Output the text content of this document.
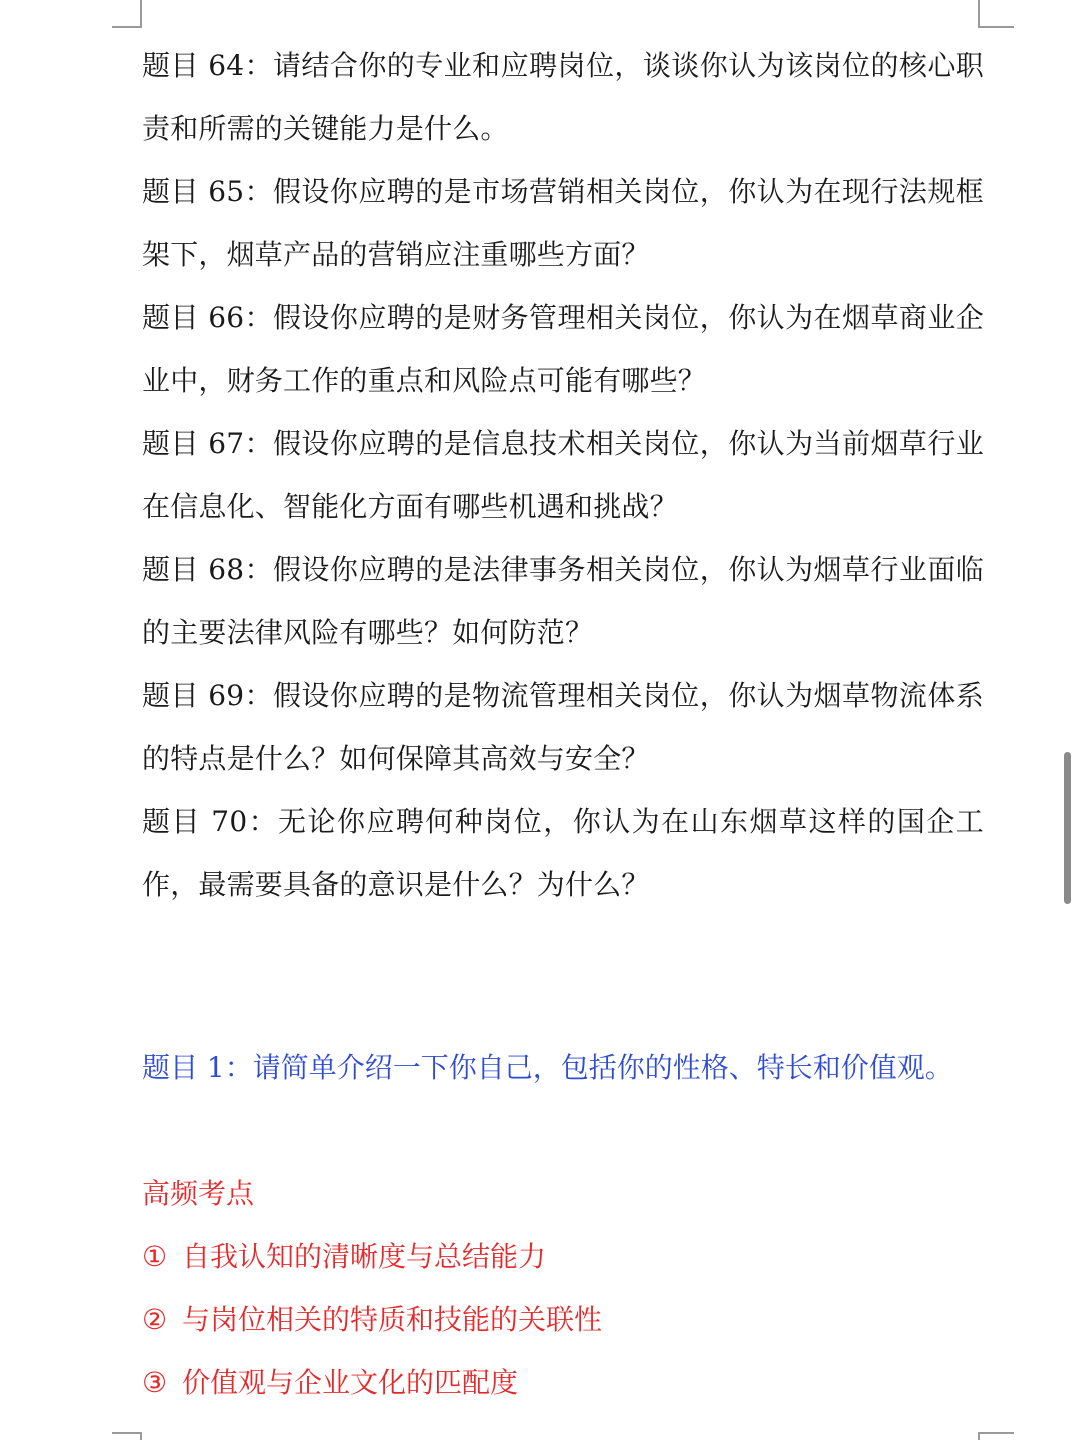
题目 64：请结合你的专业和应聘岗位，谈谈你认为该岗位的核心职责和所需的关键能力是什么。

题目 65：假设你应聘的是市场营销相关岗位，你认为在现行法规框架下，烟草产品的营销应注重哪些方面？

题目 66：假设你应聘的是财务管理相关岗位，你认为在烟草商业企业中，财务工作的重点和风险点可能有哪些？

题目 67：假设你应聘的是信息技术相关岗位，你认为当前烟草行业在信息化、智能化方面有哪些机遇和挑战？

题目 68：假设你应聘的是法律事务相关岗位，你认为烟草行业面临的主要法律风险有哪些？如何防范？

题目 69：假设你应聘的是物流管理相关岗位，你认为烟草物流体系的特点是什么？如何保障其高效与安全？

题目 70：无论你应聘何种岗位，你认为在山东烟草这样的国企工作，最需要具备的意识是什么？为什么？

题目 1：请简单介绍一下你自己，包括你的性格、特长和价值观。

高频考点

① 自我认知的清晰度与总结能力
② 与岗位相关的特质和技能的关联性
③ 价值观与企业文化的匹配度
